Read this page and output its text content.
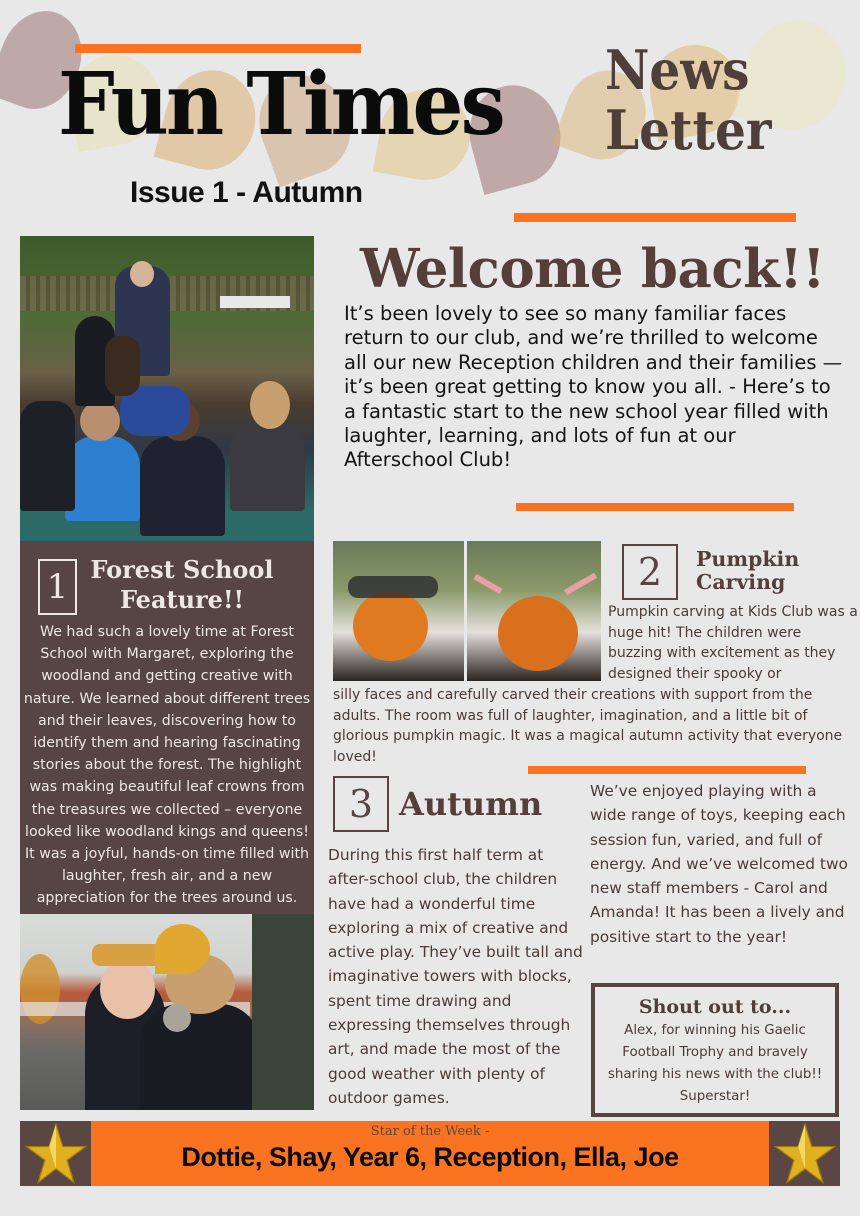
Fun Times
Issue 1 - Autumn
News
Letter
Welcome back!!
It’s been lovely to see so many familiar faces return to our club, and we’re thrilled to welcome all our new Reception children and their families — it’s been great getting to know you all. - Here’s to a fantastic start to the new school year filled with laughter, learning, and lots of fun at our Afterschool Club!
1 Forest School Feature!!
We had such a lovely time at Forest School with Margaret, exploring the woodland and getting creative with nature. We learned about different trees and their leaves, discovering how to identify them and hearing fascinating stories about the forest. The highlight was making beautiful leaf crowns from the treasures we collected – everyone looked like woodland kings and queens! It was a joyful, hands-on time filled with laughter, fresh air, and a new appreciation for the trees around us.
2 Pumpkin
Carving
Pumpkin carving at Kids Club was a huge hit! The children were buzzing with excitement as they designed their spooky or
silly faces and carefully carved their creations with support from the adults. The room was full of laughter, imagination, and a little bit of glorious pumpkin magic. It was a magical autumn activity that everyone loved!
3 Autumn
During this first half term at after-school club, the children have had a wonderful time exploring a mix of creative and active play. They’ve built tall and imaginative towers with blocks, spent time drawing and expressing themselves through art, and made the most of the good weather with plenty of outdoor games.
We’ve enjoyed playing with a wide range of toys, keeping each session fun, varied, and full of energy. And we’ve welcomed two new staff members - Carol and Amanda! It has been a lively and positive start to the year!
Shout out to...
Alex, for winning his Gaelic Football Trophy and bravely sharing his news with the club!! Superstar!
Star of the Week -
Dottie, Shay, Year 6, Reception, Ella, Joe
